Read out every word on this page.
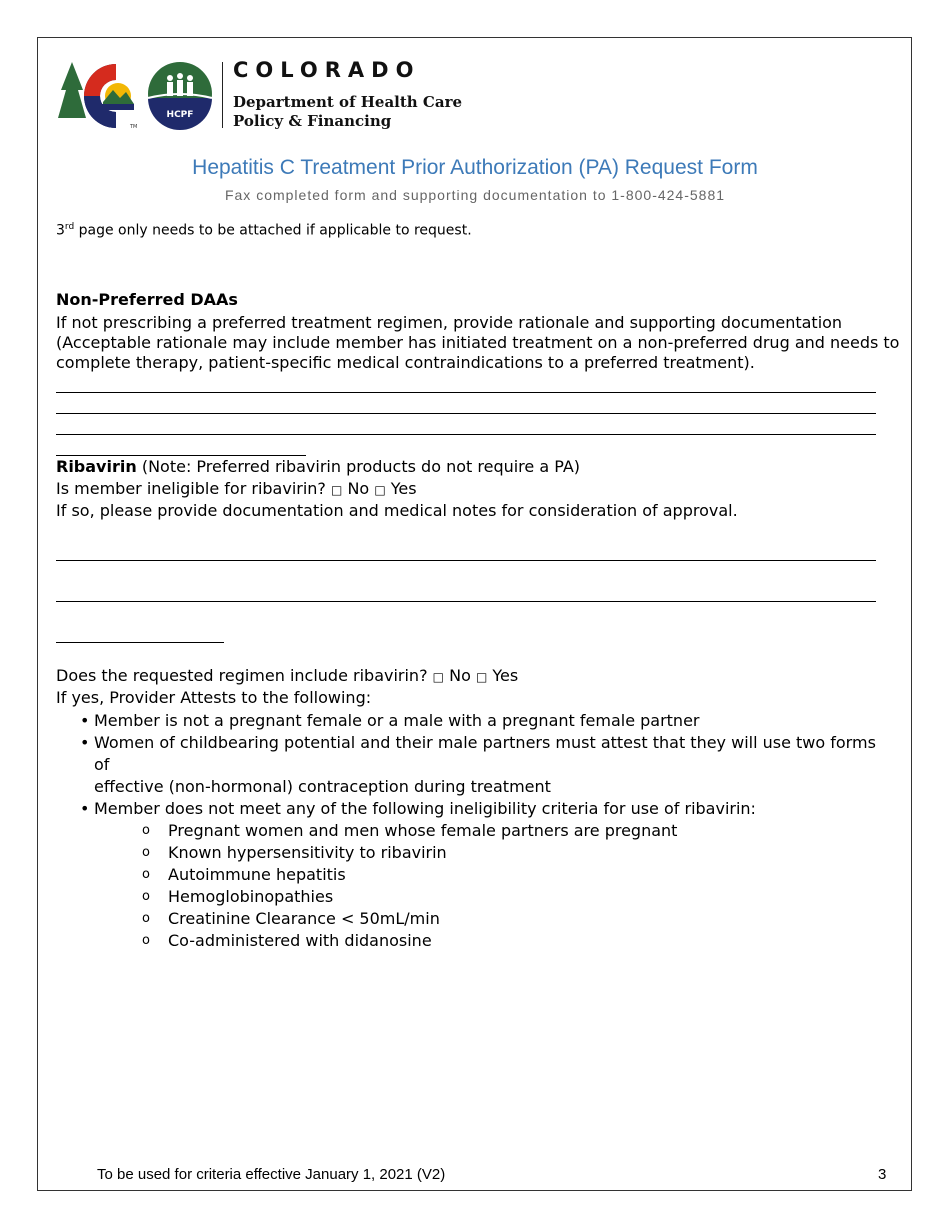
TM
HCPF
COLORADO
Department of Health Care
Policy & Financing
Hepatitis C Treatment Prior Authorization (PA) Request Form
Fax completed form and supporting documentation to 1-800-424-5881
3rd page only needs to be attached if applicable to request.
Non-Preferred DAAs
If not prescribing a preferred treatment regimen, provide rationale and supporting documentation
(Acceptable rationale may include member has initiated treatment on a non-preferred drug and needs to
complete therapy, patient-specific medical contraindications to a preferred treatment).
Ribavirin (Note: Preferred ribavirin products do not require a PA)
Is member ineligible for ribavirin? □ No □ Yes
If so, please provide documentation and medical notes for consideration of approval.
Does the requested regimen include ribavirin? □ No □ Yes
If yes, Provider Attests to the following:
• Member is not a pregnant female or a male with a pregnant female partner
• Women of childbearing potential and their male partners must attest that they will use two forms of
effective (non-hormonal) contraception during treatment
• Member does not meet any of the following ineligibility criteria for use of ribavirin:
o Pregnant women and men whose female partners are pregnant
o Known hypersensitivity to ribavirin
o Autoimmune hepatitis
o Hemoglobinopathies
o Creatinine Clearance < 50mL/min
o Co-administered with didanosine
To be used for criteria effective January 1, 2021 (V2)	3
